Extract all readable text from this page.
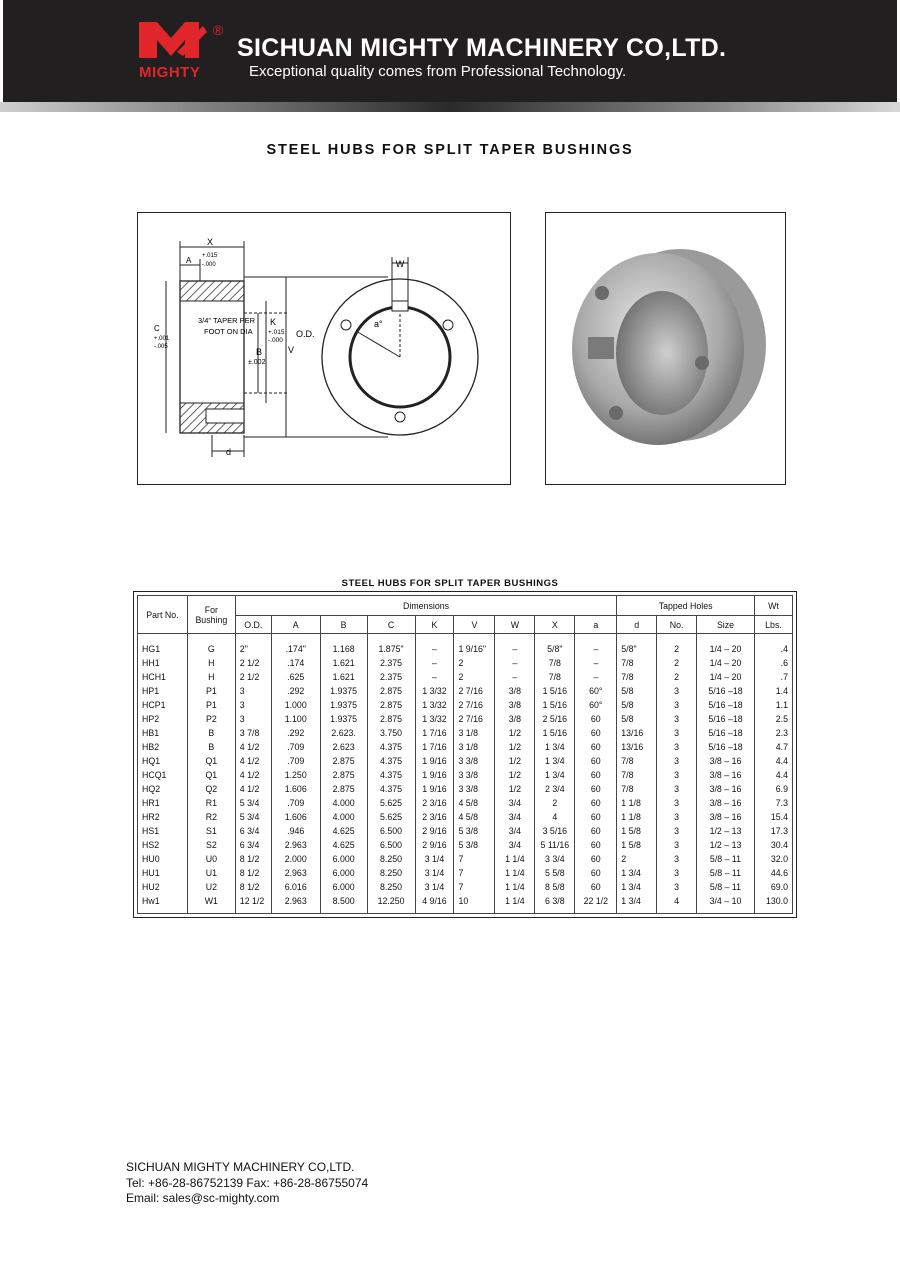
®
MIGHTY
SICHUAN MIGHTY MACHINERY CO,LTD.
Exceptional quality comes from Professional Technology.
STEEL HUBS FOR SPLIT TAPER BUSHINGS
X
A +.015
-.000
3/4" TAPER PER
FOOT ON DIA
C
+.001
-.005
K
+.015
-.000
B
±.002
V
O.D.
W
a°
d
STEEL HUBS FOR SPLIT TAPER BUSHINGS
Part No.	For Bushing	Dimensions									Tapped Holes			Wt
		O.D.	A	B	C	K	V	W	X	a	d	No.	Size	Lbs.
HG1	G	2"	.174"	1.168	1.875"	–	1 9/16"	–	5/8"	–	5/8"	2	1/4 – 20	.4
HH1	H	2 1/2	.174	1.621	2.375	–	2	–	7/8	–	7/8	2	1/4 – 20	.6
HCH1	H	2 1/2	.625	1.621	2.375	–	2	–	7/8	–	7/8	2	1/4 – 20	.7
HP1	P1	3	.292	1.9375	2.875	1 3/32	2 7/16	3/8	1 5/16	60°	5/8	3	5/16 –18	1.4
HCP1	P1	3	1.000	1.9375	2.875	1 3/32	2 7/16	3/8	1 5/16	60°	5/8	3	5/16 –18	1.1
HP2	P2	3	1.100	1.9375	2.875	1 3/32	2 7/16	3/8	2 5/16	60	5/8	3	5/16 –18	2.5
HB1	B	3 7/8	.292	2.623.	3.750	1 7/16	3 1/8	1/2	1 5/16	60	13/16	3	5/16 –18	2.3
HB2	B	4 1/2	.709	2.623	4.375	1 7/16	3 1/8	1/2	1 3/4	60	13/16	3	5/16 –18	4.7
HQ1	Q1	4 1/2	.709	2.875	4.375	1 9/16	3 3/8	1/2	1 3/4	60	7/8	3	3/8 – 16	4.4
HCQ1	Q1	4 1/2	1.250	2.875	4.375	1 9/16	3 3/8	1/2	1 3/4	60	7/8	3	3/8 – 16	4.4
HQ2	Q2	4 1/2	1.606	2.875	4.375	1 9/16	3 3/8	1/2	2 3/4	60	7/8	3	3/8 – 16	6.9
HR1	R1	5 3/4	.709	4.000	5.625	2 3/16	4 5/8	3/4	2	60	1 1/8	3	3/8 – 16	7.3
HR2	R2	5 3/4	1.606	4.000	5.625	2 3/16	4 5/8	3/4	4	60	1 1/8	3	3/8 – 16	15.4
HS1	S1	6 3/4	.946	4.625	6.500	2 9/16	5 3/8	3/4	3 5/16	60	1 5/8	3	1/2 – 13	17.3
HS2	S2	6 3/4	2.963	4.625	6.500	2 9/16	5 3/8	3/4	5 11/16	60	1 5/8	3	1/2 – 13	30.4
HU0	U0	8 1/2	2.000	6.000	8.250	3 1/4	7	1 1/4	3 3/4	60	2	3	5/8 – 11	32.0
HU1	U1	8 1/2	2.963	6.000	8.250	3 1/4	7	1 1/4	5 5/8	60	1 3/4	3	5/8 – 11	44.6
HU2	U2	8 1/2	6.016	6.000	8.250	3 1/4	7	1 1/4	8 5/8	60	1 3/4	3	5/8 – 11	69.0
Hw1	W1	12 1/2	2.963	8.500	12.250	4 9/16	10	1 1/4	6 3/8	22 1/2	1 3/4	4	3/4 – 10	130.0
SICHUAN MIGHTY MACHINERY CO,LTD.
Tel: +86-28-86752139 Fax: +86-28-86755074
Email: sales@sc-mighty.com
